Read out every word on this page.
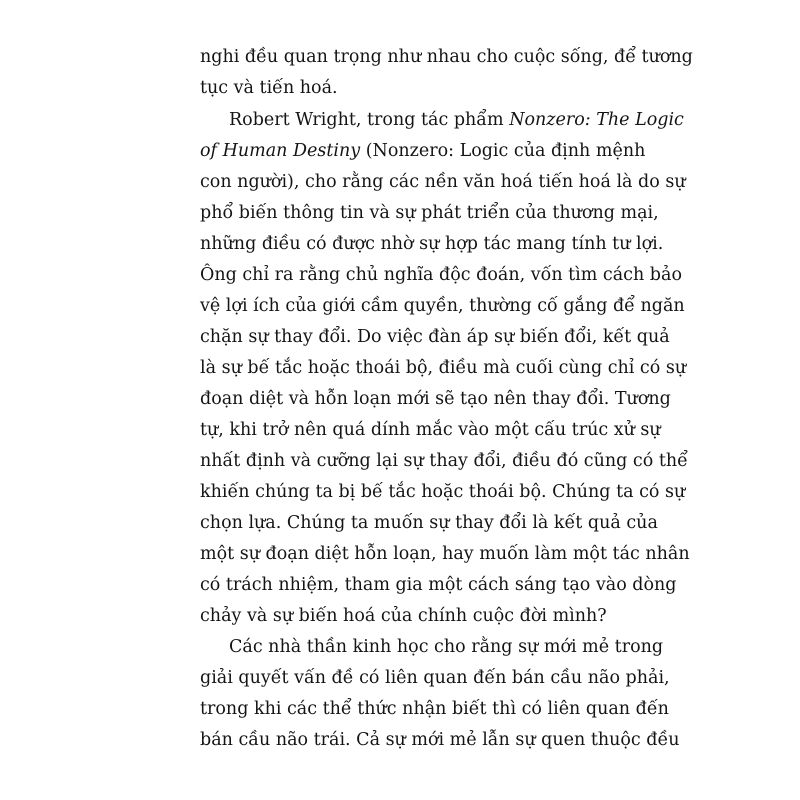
nghi đều quan trọng như nhau cho cuộc sống, để tương
tục và tiến hoá.
Robert Wright, trong tác phẩm Nonzero: The Logic
of Human Destiny (Nonzero: Logic của định mệnh
con người), cho rằng các nền văn hoá tiến hoá là do sự
phổ biến thông tin và sự phát triển của thương mại,
những điều có được nhờ sự hợp tác mang tính tư lợi.
Ông chỉ ra rằng chủ nghĩa độc đoán, vốn tìm cách bảo
vệ lợi ích của giới cầm quyền, thường cố gắng để ngăn
chặn sự thay đổi. Do việc đàn áp sự biến đổi, kết quả
là sự bế tắc hoặc thoái bộ, điều mà cuối cùng chỉ có sự
đoạn diệt và hỗn loạn mới sẽ tạo nên thay đổi. Tương
tự, khi trở nên quá dính mắc vào một cấu trúc xử sự
nhất định và cưỡng lại sự thay đổi, điều đó cũng có thể
khiến chúng ta bị bế tắc hoặc thoái bộ. Chúng ta có sự
chọn lựa. Chúng ta muốn sự thay đổi là kết quả của
một sự đoạn diệt hỗn loạn, hay muốn làm một tác nhân
có trách nhiệm, tham gia một cách sáng tạo vào dòng
chảy và sự biến hoá của chính cuộc đời mình?
Các nhà thần kinh học cho rằng sự mới mẻ trong
giải quyết vấn đề có liên quan đến bán cầu não phải,
trong khi các thể thức nhận biết thì có liên quan đến
bán cầu não trái. Cả sự mới mẻ lẫn sự quen thuộc đều
